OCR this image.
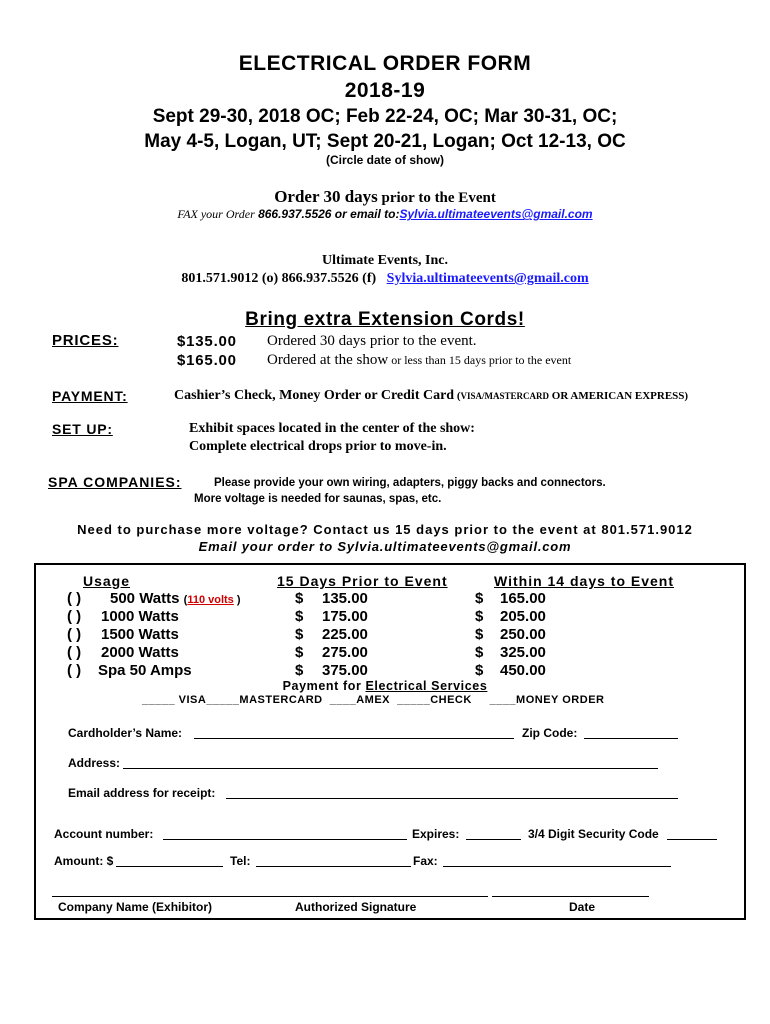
ELECTRICAL ORDER FORM
2018-19
Sept 29-30, 2018 OC; Feb 22-24, OC; Mar 30-31, OC;
May 4-5, Logan, UT; Sept 20-21, Logan; Oct 12-13, OC
(Circle date of show)
Order 30 days prior to the Event
FAX your Order 866.937.5526 or email to:Sylvia.ultimateevents@gmail.com
Ultimate Events, Inc.
801.571.9012 (o) 866.937.5526 (f) Sylvia.ultimateevents@gmail.com
Bring extra Extension Cords!
PRICES:	$135.00 Ordered 30 days prior to the event.
$165.00 Ordered at the show or less than 15 days prior to the event
PAYMENT:	Cashier’s Check, Money Order or Credit Card (VISA/MASTERCARD OR AMERICAN EXPRESS)
SET UP:	Exhibit spaces located in the center of the show:
Complete electrical drops prior to move-in.
SPA COMPANIES:	Please provide your own wiring, adapters, piggy backs and connectors.
More voltage is needed for saunas, spas, etc.
Need to purchase more voltage? Contact us 15 days prior to the event at 801.571.9012
Email your order to Sylvia.ultimateevents@gmail.com
Usage	15 Days Prior to Event	Within 14 days to Event
( ) 500 Watts (110 volts )	$ 135.00	$ 165.00
( ) 1000 Watts	$ 175.00	$ 205.00
( ) 1500 Watts	$ 225.00	$ 250.00
( ) 2000 Watts	$ 275.00	$ 325.00
( ) Spa 50 Amps	$ 375.00	$ 450.00
Payment for Electrical Services
_____ VISA_____MASTERCARD  ____AMEX  _____CHECK     ____MONEY ORDER
Cardholder’s Name:	Zip Code:
Address:
Email address for receipt:
Account number:	Expires:	3/4 Digit Security Code
Amount: $	Tel:	Fax:
Company Name (Exhibitor)	Authorized Signature	Date
